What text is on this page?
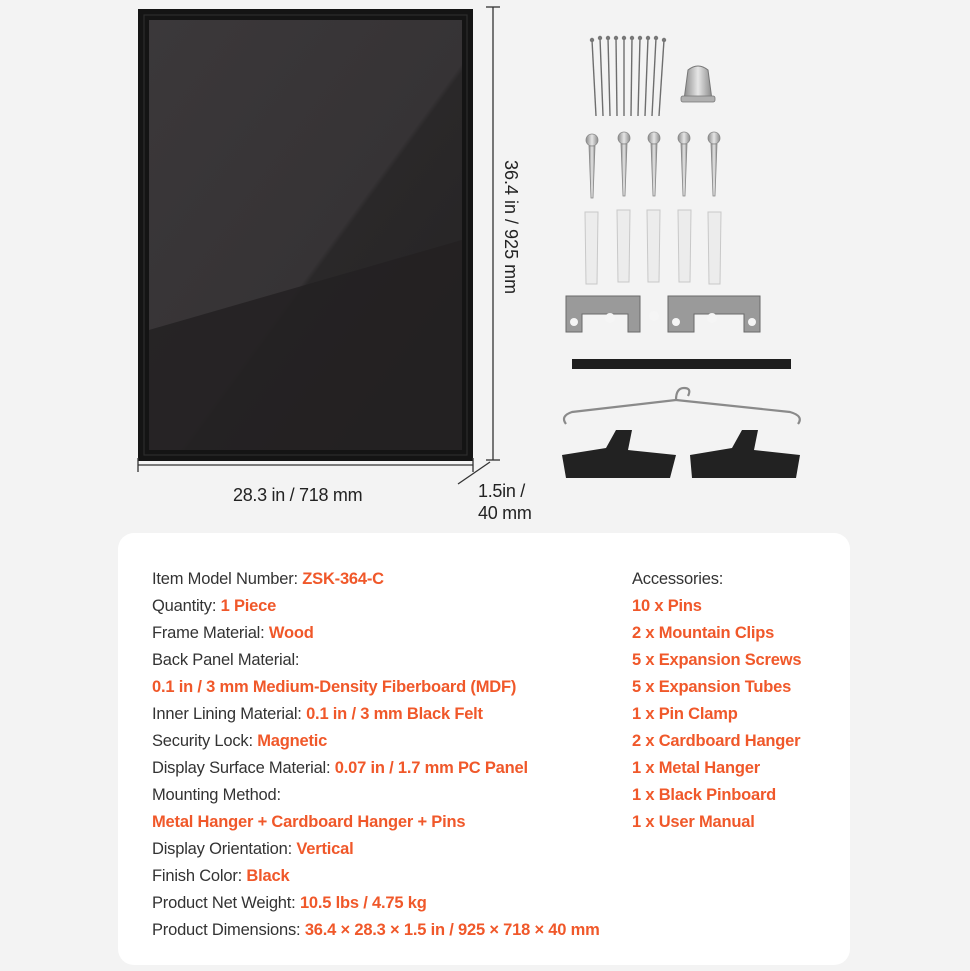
28.3 in / 718 mm
36.4 in / 925 mm
1.5in /
40 mm
Item Model Number: ZSK-364-C
Quantity: 1 Piece
Frame Material: Wood
Back Panel Material:
0.1 in / 3 mm Medium-Density Fiberboard (MDF)
Inner Lining Material: 0.1 in / 3 mm Black Felt
Security Lock: Magnetic
Display Surface Material: 0.07 in / 1.7 mm PC Panel
Mounting Method:
Metal Hanger + Cardboard Hanger + Pins
Display Orientation: Vertical
Finish Color: Black
Product Net Weight: 10.5 lbs / 4.75 kg
Product Dimensions: 36.4 × 28.3 × 1.5 in / 925 × 718 × 40 mm
Accessories:
10 x Pins
2 x Mountain Clips
5 x Expansion Screws
5 x Expansion Tubes
1 x Pin Clamp
2 x Cardboard Hanger
1 x Metal Hanger
1 x Black Pinboard
1 x User Manual
